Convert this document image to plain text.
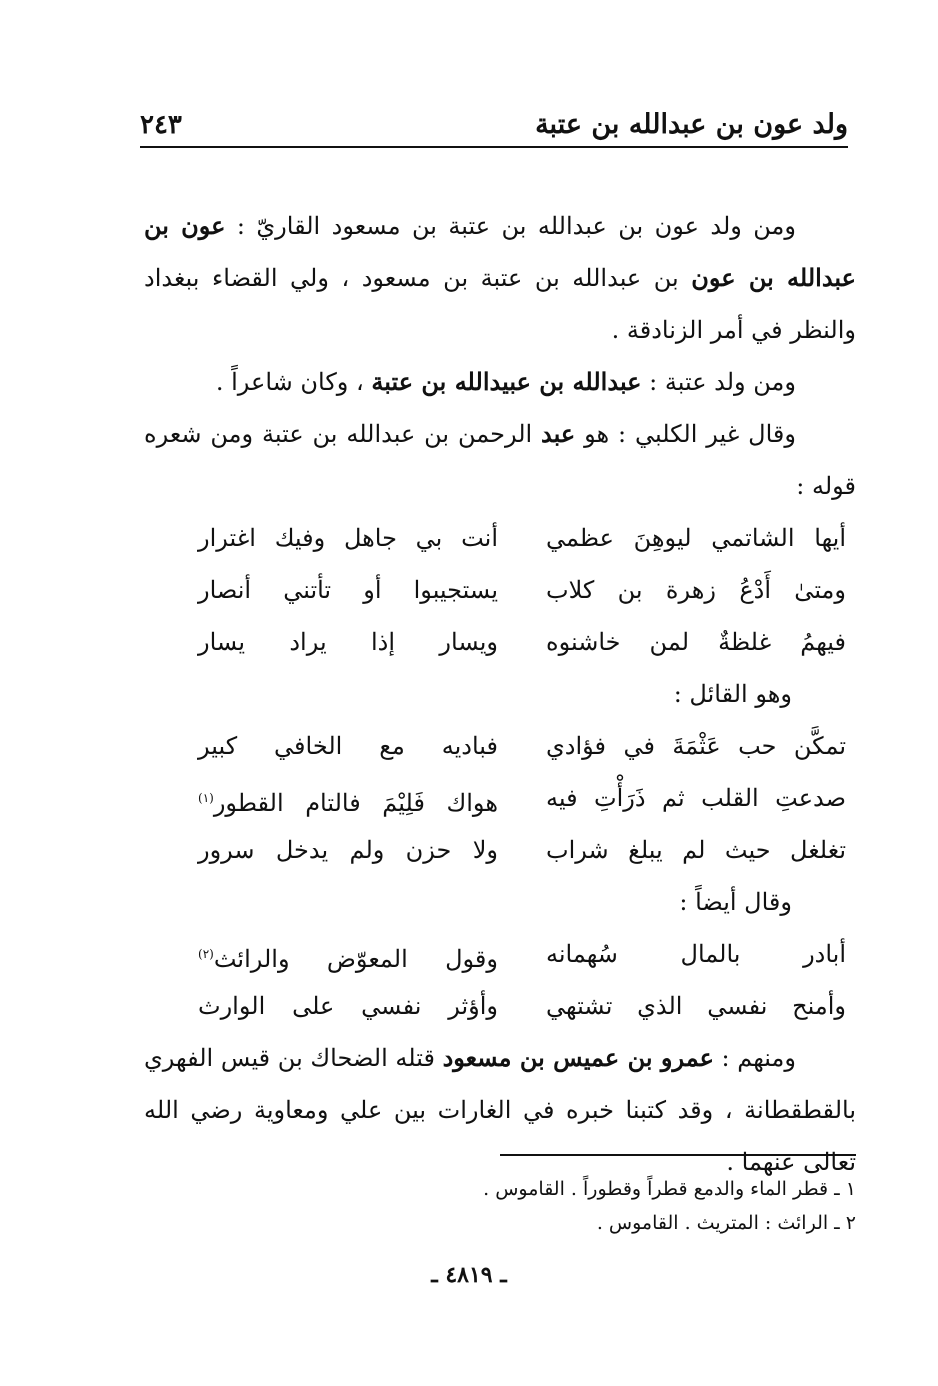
ولد عون بن عبدالله بن عتبة
٢٤٣

ومن ولد عون بن عبدالله بن عتبة بن مسعود القاريّ : عون بن عبدالله بن عون بن عبدالله بن عتبة بن مسعود ، ولي القضاء ببغداد والنظر في أمر الزنادقة .

ومن ولد عتبة : عبدالله بن عبيدالله بن عتبة ، وكان شاعراً .

وقال غير الكلبي : هو عبد الرحمن بن عبدالله بن عتبة ومن شعره قوله :

أيها الشاتمي ليوهِنَ عظمي
أنت بي جاهل وفيك اغترار
ومتىٰ أَدْعُ زهرة بن كلاب
يستجيبوا أو تأتني أنصار
فيهمُ غلظةٌ لمن خاشنوه
ويسار إذا يراد يسار

وهو القائل :

تمكَّن حب عَثْمَةَ في فؤادي
فباديه مع الخافي كبير
صدعتِ القلب ثم ذَرَأْتِ فيه
هواك فَلِيْمَ فالتام القطور$^{(١)}$
تغلغل حيث لم يبلغ شراب
ولا حزن ولم يدخل سرور

وقال أيضاً :

أبادر بالمال سُهمانه
وقول المعوّض والرائث$^{(٢)}$
وأمنح نفسي الذي تشتهي
وأؤثر نفسي على الوارث

ومنهم : عمرو بن عميس بن مسعود قتله الضحاك بن قيس الفهري بالقطقطانة ، وقد كتبنا خبره في الغارات بين علي ومعاوية رضي الله تعالى عنهما .

١ ـ قطر الماء والدمع قطراً وقطوراً . القاموس .

٢ ـ الرائث : المتريث . القاموس .

ـ ٤٨١٩ ـ
